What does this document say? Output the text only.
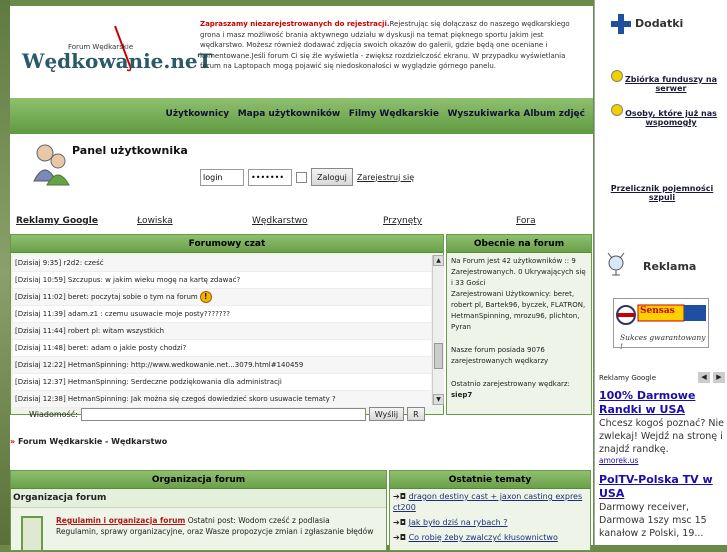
Forum Wędkarskie
Wędkowanie.neT
Zapraszamy niezarejestrowanych do rejestracji.Rejestrując się dołączasz do naszego wędkarskiego grona i masz możliwość brania aktywnego udziału w dyskusji na temat pięknego sportu jakim jest wędkarstwo. Możesz również dodawać zdjęcia swoich okazów do galerii, gdzie będą one oceniane i komentowane.Jeśli forum Ci się źle wyświetla - zwiększ rozdzielczość ekranu. W przypadku wyświetlania forum na Laptopach mogą pojawić się niedoskonałości w wyglądzie górnego panelu.
Użytkownicy Mapa użytkowników Filmy Wędkarskie Wyszukiwarka Album zdjęć
Panel użytkownika
login
Zaloguj	Zarejestruj się
Reklamy Google	Łowiska	Wędkarstwo	Przynęty	Fora
Forumowy czat
[Dzisiaj 9:35] r2d2: cześć
[Dzisiaj 10:59] Szczupus: w jakim wieku mogę na kartę zdawać?
[Dzisiaj 11:02] beret: poczytaj sobie o tym na forum !
[Dzisiaj 11:39] adam.z1 : czemu usuwacie moje posty???????
[Dzisiaj 11:44] robert pl: witam wszystkich
[Dzisiaj 11:48] beret: adam o jakie posty chodzi?
[Dzisiaj 12:22] HetmanSpinning: http://www.wedkowanie.net...3079.html#140459
[Dzisiaj 12:37] HetmanSpinning: Serdeczne podziękowania dla administracji
[Dzisiaj 12:38] HetmanSpinning: Jak można się czegoś dowiedzieć skoro usuwacie tematy ?
▲
▼
Wiadomość:	Wyślij	R
Obecnie na forum
Na Forum jest 42 użytkowników :: 9 Zarejestrowanych. 0 Ukrywających się i 33 Gości
Zarejestrowani Użytkownicy: beret, robert pl, Bartek96, byczek, FLATRON, HetmanSpinning, mrozu96, plichton, Pyran
Nasze forum posiada 9076 zarejestrowanych wędkarzy
Ostatnio zarejestrowany wędkarz:
siep7
» Forum Wędkarskie - Wędkarstwo
Organizacja forum
Organizacja forum
Regulamin i organizacja forum Ostatni post: Wodom cześć z podlasia
Regulamin, sprawy organizacyjne, oraz Wasze propozycje zmian i zgłaszanie błędów
Ostatnie tematy
➔◘ dragon destiny cast + jaxon casting expres ct200
➔◘ Jak było dziś na rybach ?
➔◘ Co robię żeby zwalczyć kłusownictwo
Dodatki
Zbiórka funduszy na serwer
Osoby, które już nas wspomogły
Przelicznik pojemności szpuli
Reklama
Sensas
Sukces gwarantowany !
Reklamy Google	◀	▶
100% Darmowe Randki w USA
Chcesz kogoś poznać? Nie zwlekaj! Wejdź na stronę i znajdź randkę.
amorek.us
PolTV-Polska TV w USA
Darmowy receiver, Darmowa 1szy msc 15 kanałow z Polski, 19...
